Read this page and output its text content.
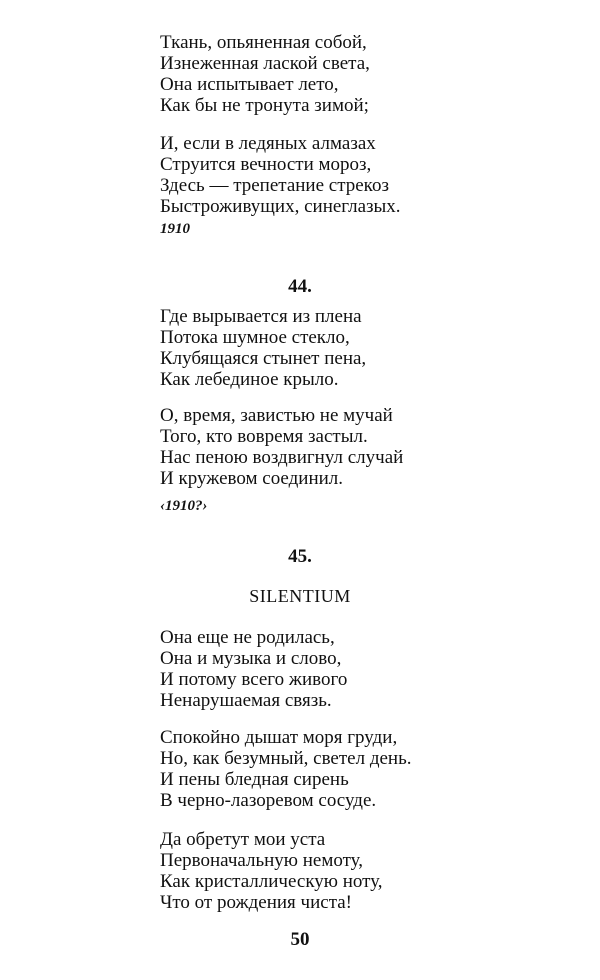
Ткань, опьяненная собой,
Изнеженная лаской света,
Она испытывает лето,
Как бы не тронута зимой;
И, если в ледяных алмазах
Струится вечности мороз,
Здесь — трепетание стрекоз
Быстроживущих, синеглазых.
1910
44.
Где вырывается из плена
Потока шумное стекло,
Клубящаяся стынет пена,
Как лебединое крыло.
О, время, завистью не мучай
Того, кто вовремя застыл.
Нас пеною воздвигнул случай
И кружевом соединил.
‹1910?›
45.
SILENTIUM
Она еще не родилась,
Она и музыка и слово,
И потому всего живого
Ненарушаемая связь.
Спокойно дышат моря груди,
Но, как безумный, светел день.
И пены бледная сирень
В черно-лазоревом сосуде.
Да обретут мои уста
Первоначальную немоту,
Как кристаллическую ноту,
Что от рождения чиста!
50
